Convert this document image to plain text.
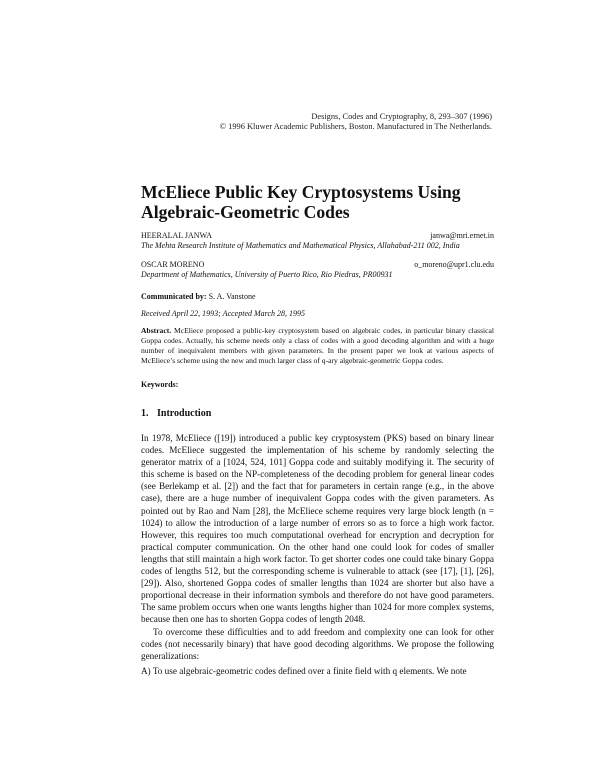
Designs, Codes and Cryptography, 8, 293–307 (1996)
© 1996 Kluwer Academic Publishers, Boston. Manufactured in The Netherlands.
McEliece Public Key Cryptosystems Using
Algebraic-Geometric Codes
HEERALAL JANWA	janwa@mri.ernet.in
The Mehta Research Institute of Mathematics and Mathematical Physics, Allahabad-211 002, India
OSCAR MORENO	o_moreno@upr1.clu.edu
Department of Mathematics, University of Puerto Rico, Rio Piedras, PR00931
Communicated by: S. A. Vanstone
Received April 22, 1993; Accepted March 28, 1995
Abstract. McEliece proposed a public-key cryptosystem based on algebraic codes, in particular binary classical Goppa codes. Actually, his scheme needs only a class of codes with a good decoding algorithm and with a huge number of inequivalent members with given parameters. In the present paper we look at various aspects of McEliece’s scheme using the new and much larger class of q-ary algebraic-geometric Goppa codes.
Keywords:
1. Introduction

In 1978, McEliece ([19]) introduced a public key cryptosystem (PKS) based on binary linear codes. McEliece suggested the implementation of his scheme by randomly selecting the generator matrix of a [1024, 524, 101] Goppa code and suitably modifying it. The security of this scheme is based on the NP-completeness of the decoding problem for general linear codes (see Berlekamp et al. [2]) and the fact that for parameters in certain range (e.g., in the above case), there are a huge number of inequivalent Goppa codes with the given parameters. As pointed out by Rao and Nam [28], the McEliece scheme requires very large block length (n = 1024) to allow the introduction of a large number of errors so as to force a high work factor. However, this requires too much computational overhead for encryption and decryption for practical computer communication. On the other hand one could look for codes of smaller lengths that still maintain a high work factor. To get shorter codes one could take binary Goppa codes of lengths 512, but the corresponding scheme is vulnerable to attack (see [17], [1], [26], [29]). Also, shortened Goppa codes of smaller lengths than 1024 are shorter but also have a proportional decrease in their information symbols and therefore do not have good parameters. The same problem occurs when one wants lengths higher than 1024 for more complex systems, because then one has to shorten Goppa codes of length 2048.

To overcome these difficulties and to add freedom and complexity one can look for other codes (not necessarily binary) that have good decoding algorithms. We propose the following generalizations:

A) To use algebraic-geometric codes defined over a finite field with q elements. We note
